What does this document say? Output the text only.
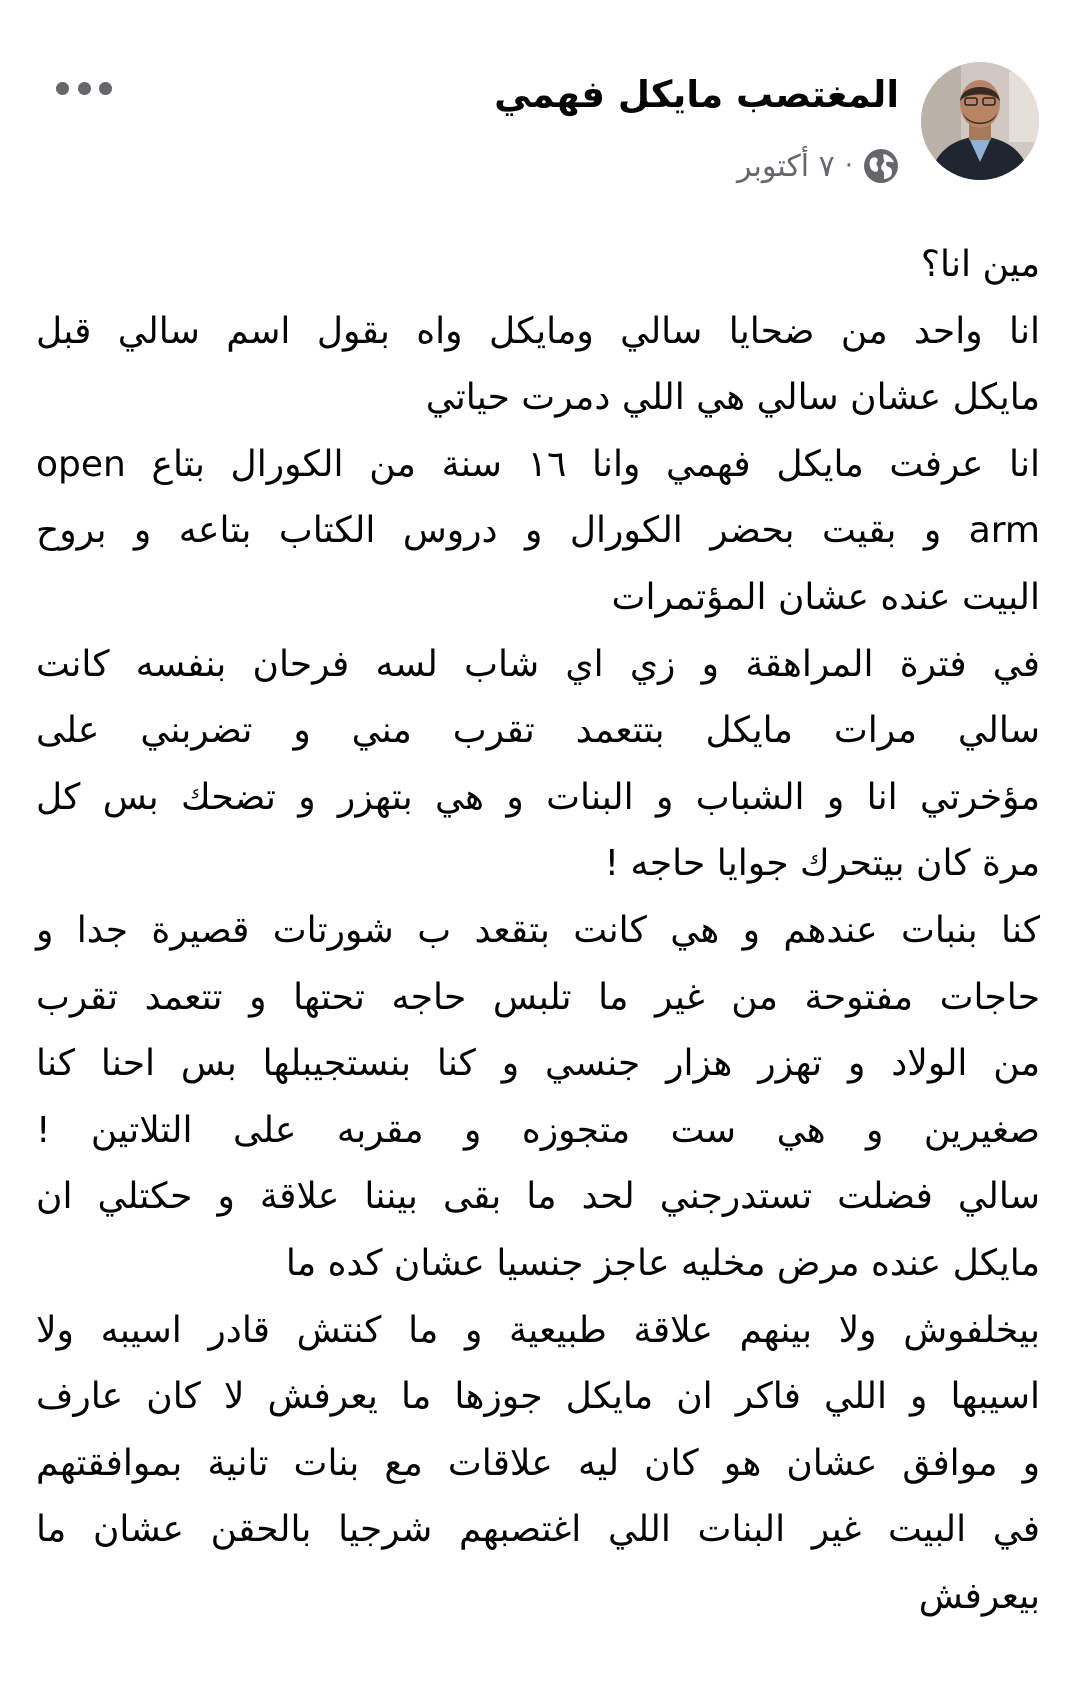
المغتصب مايكل فهمي
٧ أكتوبر ·
مين انا؟
انا واحد من ضحايا سالي ومايكل واه بقول اسم سالي قبل
مايكل عشان سالي هي اللي دمرت حياتي
انا عرفت مايكل فهمي وانا ١٦ سنة من الكورال بتاع open
arm و بقيت بحضر الكورال و دروس الكتاب بتاعه و بروح
البيت عنده عشان المؤتمرات
في فترة المراهقة و زي اي شاب لسه فرحان بنفسه كانت
سالي مرات مايكل بتتعمد تقرب مني و تضربني على
مؤخرتي انا و الشباب و البنات و هي بتهزر و تضحك بس كل
مرة كان بيتحرك جوايا حاجه !
كنا بنبات عندهم و هي كانت بتقعد ب شورتات قصيرة جدا و
حاجات مفتوحة من غير ما تلبس حاجه تحتها و تتعمد تقرب
من الولاد و تهزر هزار جنسي و كنا بنستجيبلها بس احنا كنا
صغيرين و هي ست متجوزه و مقربه على التلاتين !
سالي فضلت تستدرجني لحد ما بقى بيننا علاقة و حكتلي ان
مايكل عنده مرض مخليه عاجز جنسيا عشان كده ما
بيخلفوش ولا بينهم علاقة طبيعية و ما كنتش قادر اسيبه ولا
اسيبها و اللي فاكر ان مايكل جوزها ما يعرفش لا كان عارف
و موافق عشان هو كان ليه علاقات مع بنات تانية بموافقتهم
في البيت غير البنات اللي اغتصبهم شرجيا بالحقن عشان ما
بيعرفش
